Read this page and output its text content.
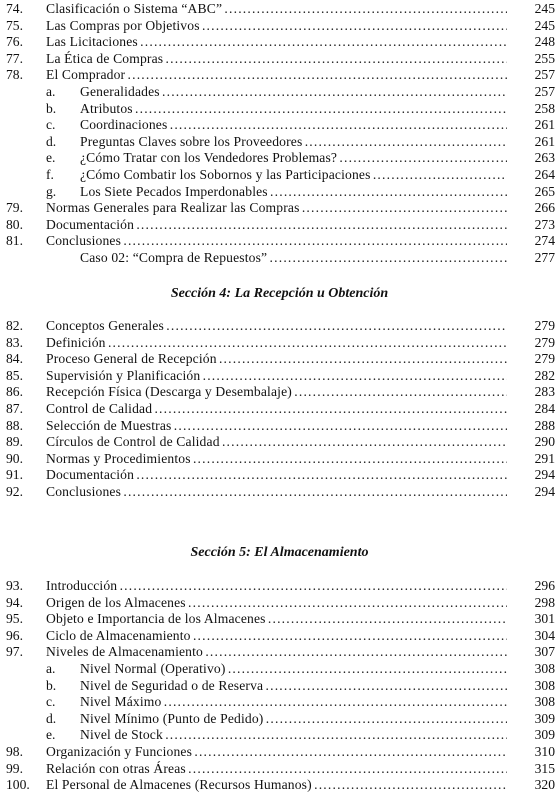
74.	Clasificación o Sistema “ABC” . . .	245
75.	Las Compras por Objetivos . . .	245
76.	Las Licitaciones . . .	248
77.	La Ética de Compras . . .	255
78.	El Comprador . . .	257
a.	Generalidades . . .	257
b.	Atributos . . .	258
c.	Coordinaciones . . .	261
d.	Preguntas Claves sobre los Proveedores . . .	261
e.	¿Cómo Tratar con los Vendedores Problemas? . . .	263
f.	¿Cómo Combatir los Sobornos y las Participaciones . . .	264
g.	Los Siete Pecados Imperdonables . . .	265
79.	Normas Generales para Realizar las Compras . . .	266
80.	Documentación . . .	273
81.	Conclusiones . . .	274
Caso 02: “Compra de Repuestos” . . .	277
Sección 4: La Recepción u Obtención
82.	Conceptos Generales . . .	279
83.	Definición . . .	279
84.	Proceso General de Recepción . . .	279
85.	Supervisión y Planificación . . .	282
86.	Recepción Física (Descarga y Desembalaje) . . .	283
87.	Control de Calidad . . .	284
88.	Selección de Muestras . . .	288
89.	Círculos de Control de Calidad . . .	290
90.	Normas y Procedimientos . . .	291
91.	Documentación . . .	294
92.	Conclusiones . . .	294
Sección 5: El Almacenamiento
93.	Introducción . . .	296
94.	Origen de los Almacenes . . .	298
95.	Objeto e Importancia de los Almacenes . . .	301
96.	Ciclo de Almacenamiento . . .	304
97.	Niveles de Almacenamiento . . .	307
a.	Nivel Normal (Operativo) . . .	308
b.	Nivel de Seguridad o de Reserva . . .	308
c.	Nivel Máximo . . .	308
d.	Nivel Mínimo (Punto de Pedido) . . .	309
e.	Nivel de Stock . . .	309
98.	Organización y Funciones . . .	310
99.	Relación con otras Áreas . . .	315
100.	El Personal de Almacenes (Recursos Humanos) . . .	320
